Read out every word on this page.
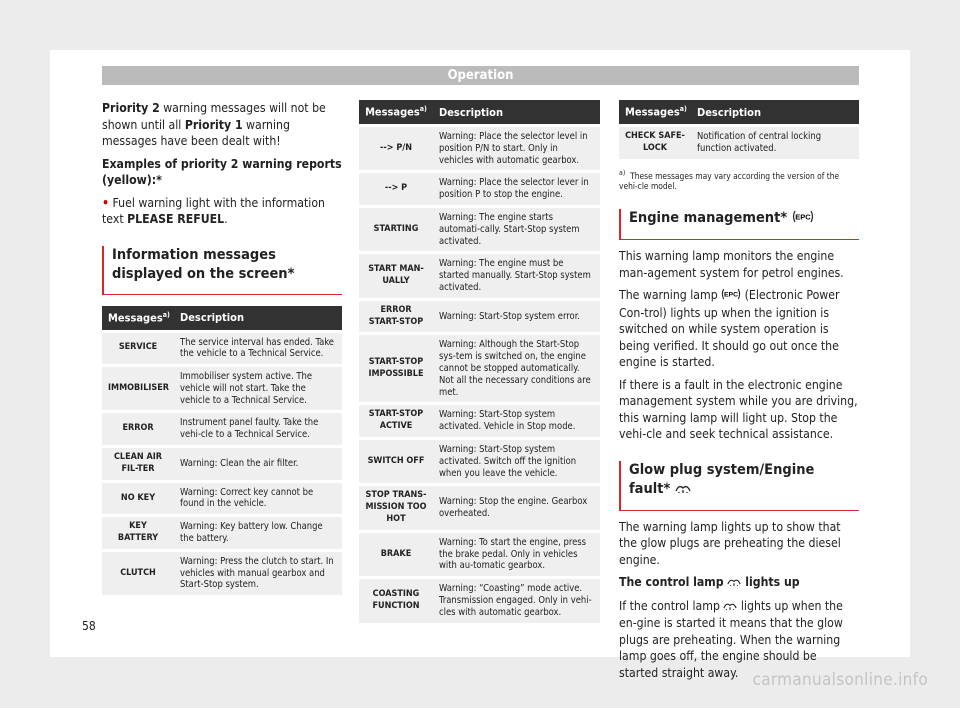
Operation

Priority 2 warning messages will not be shown until all Priority 1 warning messages have been dealt with!

Examples of priority 2 warning reports (yellow):*

• Fuel warning light with the information text PLEASE REFUEL.

Information messages displayed on the screen*
Messages$^{a)}$	Description
SERVICE	The service interval has ended. Take the vehicle to a Technical Service.
IMMOBILISER	Immobiliser system active. The vehicle will not start. Take the vehicle to a Technical Service.
ERROR	Instrument panel faulty. Take the vehi-cle to a Technical Service.
CLEAN AIR FIL-TER	Warning: Clean the air filter.
NO KEY	Warning: Correct key cannot be found in the vehicle.
KEY BATTERY	Warning: Key battery low. Change the battery.
CLUTCH	Warning: Press the clutch to start. In vehicles with manual gearbox and Start-Stop system.
Messages$^{a)}$	Description
--> P/N	Warning: Place the selector level in position P/N to start. Only in vehicles with automatic gearbox.
--> P	Warning: Place the selector lever in position P to stop the engine.
STARTING	Warning: The engine starts automati-cally. Start-Stop system activated.
START MAN-UALLY	Warning: The engine must be started manually. Start-Stop system activated.
ERROR START-STOP	Warning: Start-Stop system error.
START-STOP IMPOSSIBLE	Warning: Although the Start-Stop sys-tem is switched on, the engine cannot be stopped automatically. Not all the necessary conditions are met.
START-STOP ACTIVE	Warning: Start-Stop system activated. Vehicle in Stop mode.
SWITCH OFF	Warning: Start-Stop system activated. Switch off the ignition when you leave the vehicle.
STOP TRANS-MISSION TOO HOT	Warning: Stop the engine. Gearbox overheated.
BRAKE	Warning: To start the engine, press the brake pedal. Only in vehicles with au-tomatic gearbox.
COASTING FUNCTION	Warning: “Coasting” mode active. Transmission engaged. Only in vehi-cles with automatic gearbox.
Messages$^{a)}$	Description
CHECK SAFE-LOCK	Notification of central locking function activated.

$^{a)}$ These messages may vary according the version of the vehi-cle model.

Engine management* EPC

This warning lamp monitors the engine man-agement system for petrol engines.

The warning lamp EPC (Electronic Power Con-trol) lights up when the ignition is switched on while system operation is being verified. It should go out once the engine is started.

If there is a fault in the electronic engine management system while you are driving, this warning lamp will light up. Stop the vehi-cle and seek technical assistance.

Glow plug system/Engine fault*

The warning lamp lights up to show that the glow plugs are preheating the diesel engine.

The control lamp  lights up

If the control lamp  lights up when the en-gine is started it means that the glow plugs are preheating. When the warning lamp goes off, the engine should be started straight away.

58
carmanualsonline.info
